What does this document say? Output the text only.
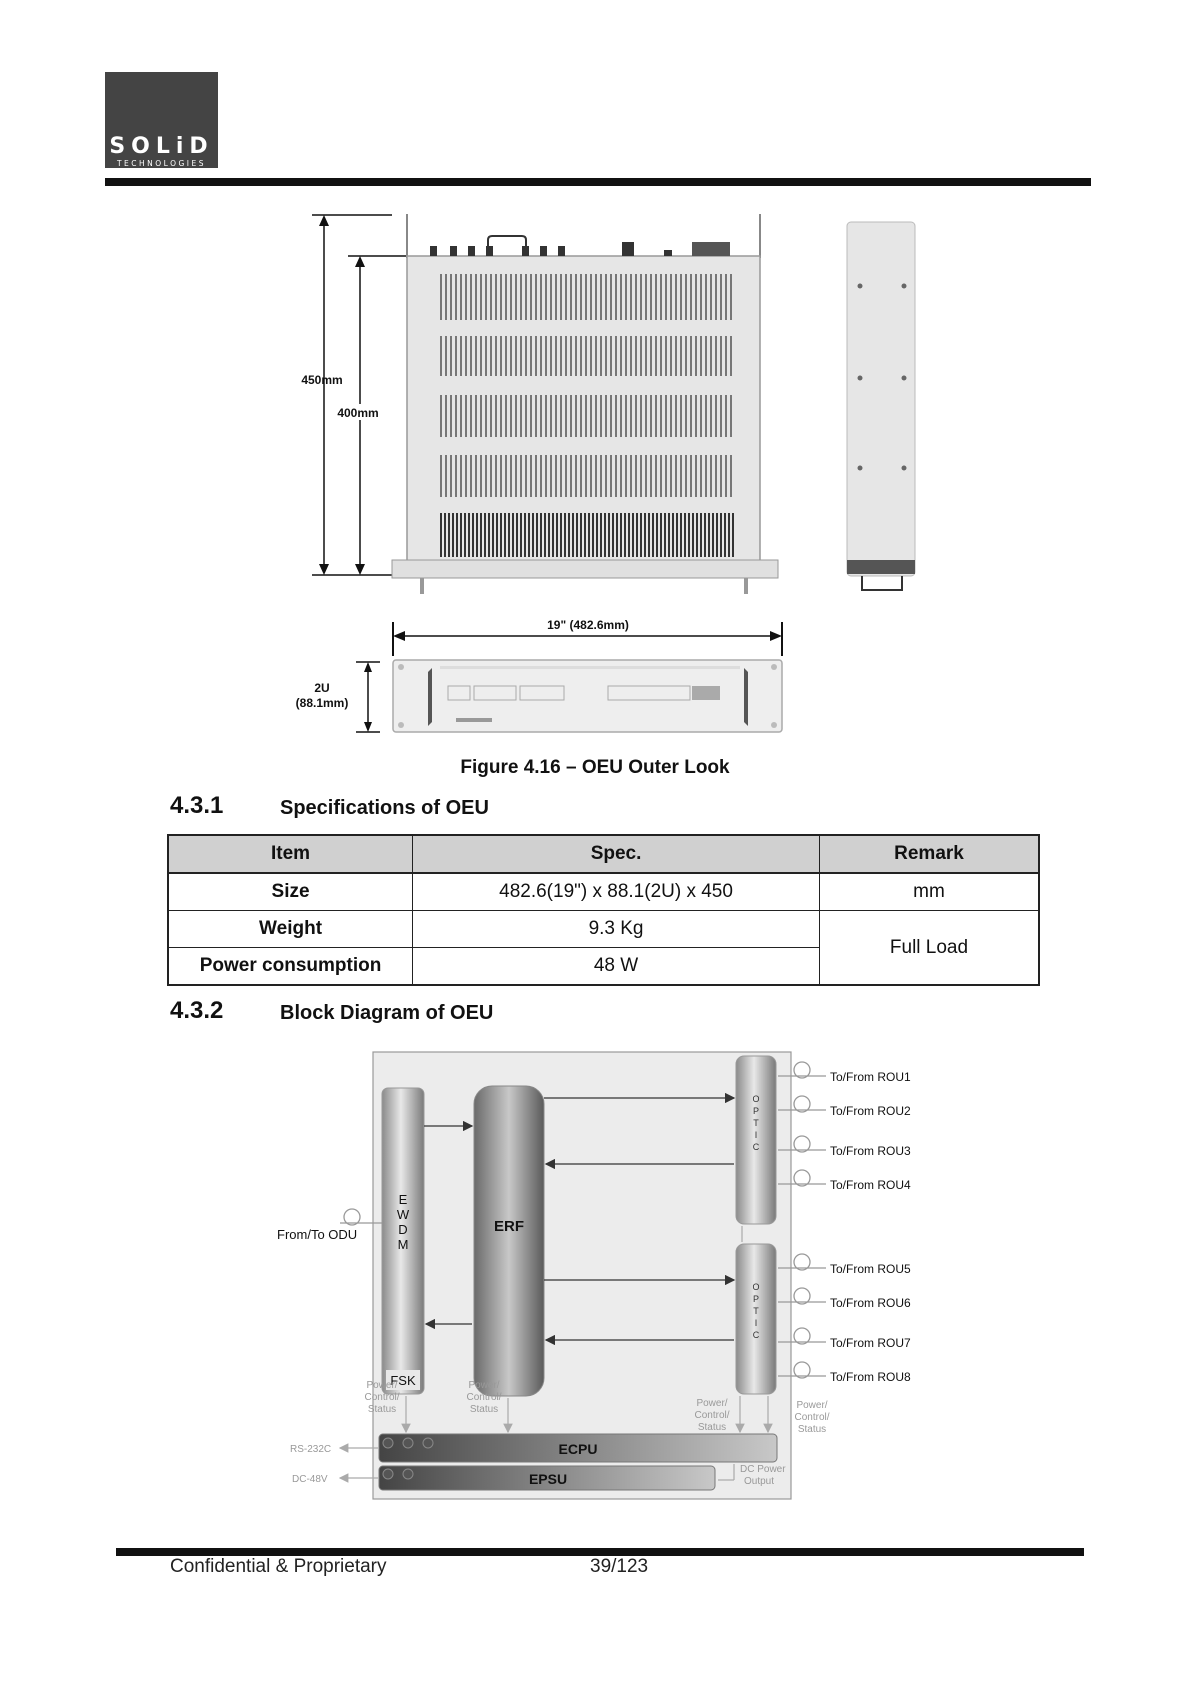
SOLiD
TECHNOLOGIES
450mm
400mm
19" (482.6mm)
2U
(88.1mm)
Figure 4.16 – OEU Outer Look
4.3.1	Specifications of OEU
Item	Spec.	Remark
Size	482.6(19") x 88.1(2U) x 450	mm
Weight	9.3 Kg	Full Load
Power consumption	48 W	
4.3.2	Block Diagram of OEU
E
W
D
M
FSK
ERF
O
P
T
I
C
O
P
T
I
C
From/To ODU
To/From ROU1
To/From ROU2
To/From ROU3
To/From ROU4
To/From ROU5
To/From ROU6
To/From ROU7
To/From ROU8
Power/
Control/
Status
Power/
Control/
Status
Power/
Control/
Status
Power/
Control/
Status
ECPU
EPSU
RS-232C
DC-48V
DC Power
Output
Confidential & Proprietary	39/123
